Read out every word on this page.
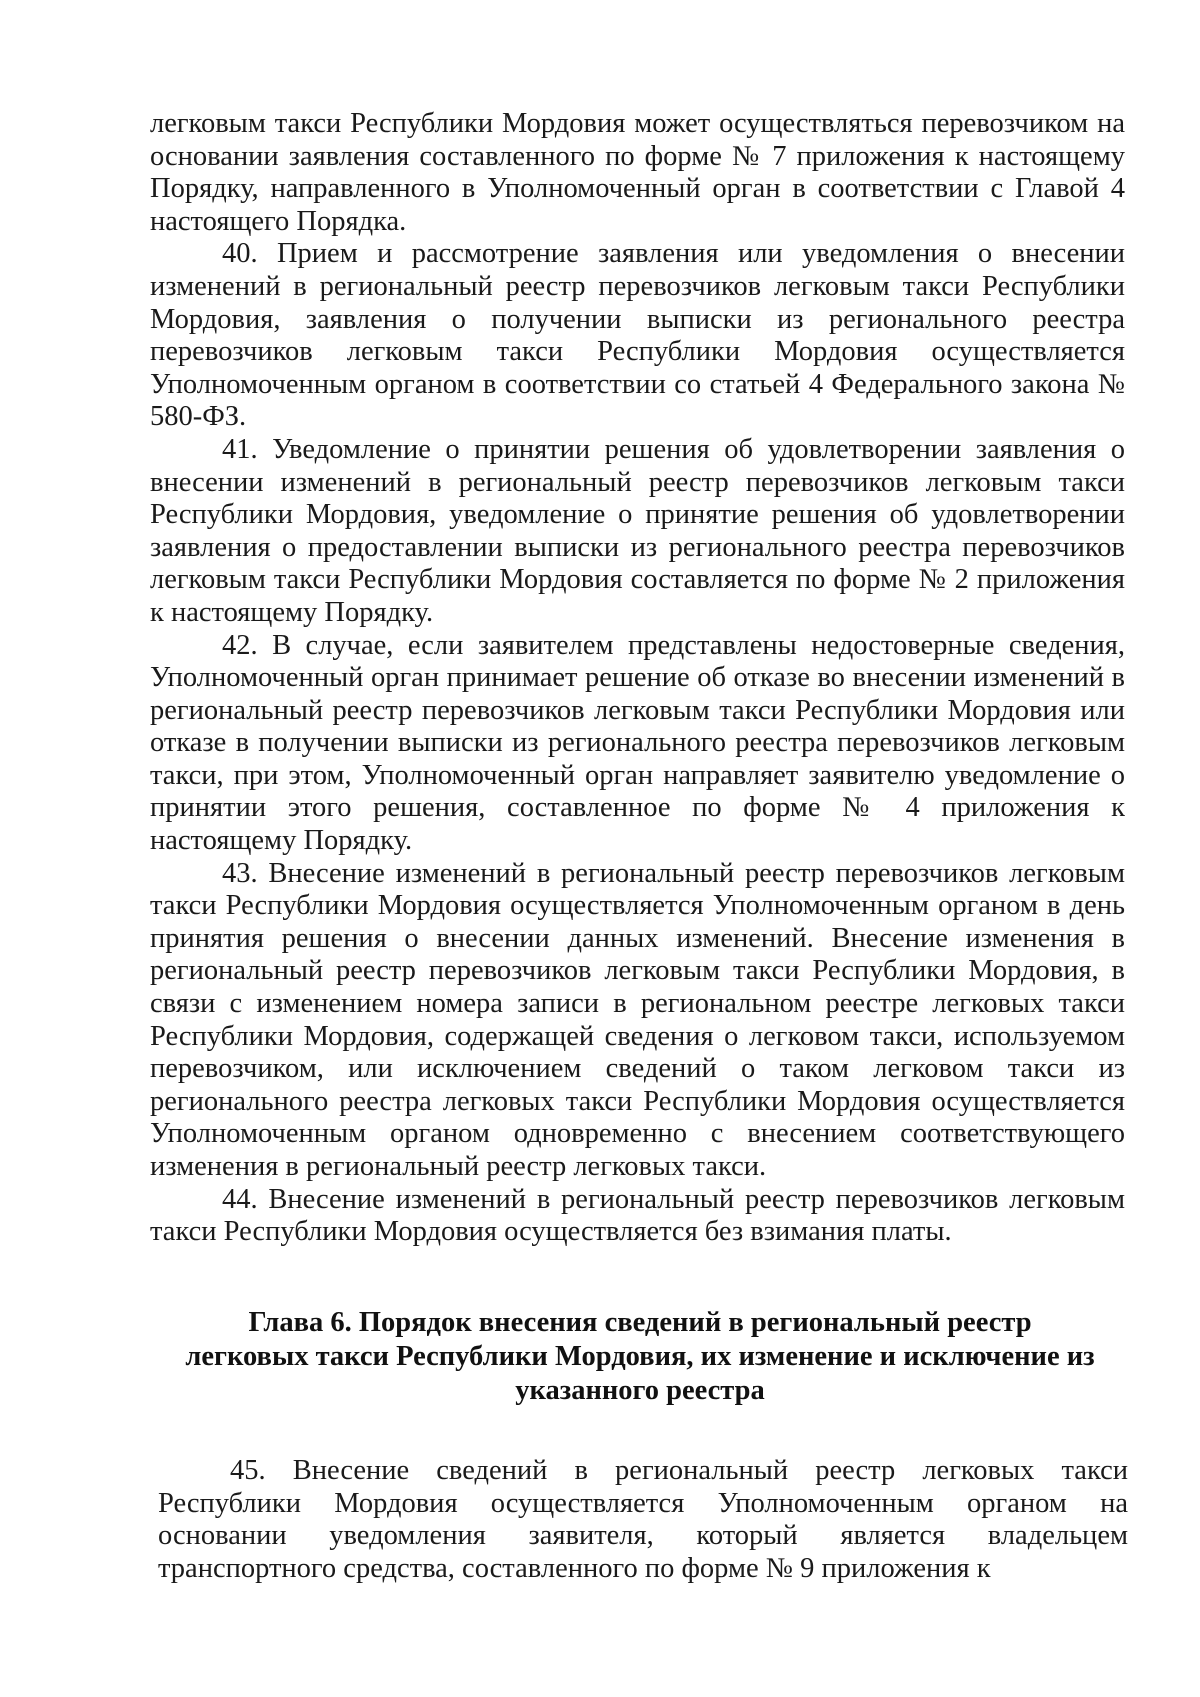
легковым такси Республики Мордовия может осуществляться перевозчиком на основании заявления составленного по форме № 7 приложения к настоящему Порядку, направленного в Уполномоченный орган в соответствии с Главой 4 настоящего Порядка.

40. Прием и рассмотрение заявления или уведомления о внесении изменений в региональный реестр перевозчиков легковым такси Республики Мордовия, заявления о получении выписки из регионального реестра перевозчиков легковым такси Республики Мордовия осуществляется Уполномоченным органом в соответствии со статьей 4 Федерального закона № 580-ФЗ.

41. Уведомление о принятии решения об удовлетворении заявления о внесении изменений в региональный реестр перевозчиков легковым такси Республики Мордовия, уведомление о принятие решения об удовлетворении заявления о предоставлении выписки из регионального реестра перевозчиков легковым такси Республики Мордовия составляется по форме № 2 приложения к настоящему Порядку.

42. В случае, если заявителем представлены недостоверные сведения, Уполномоченный орган принимает решение об отказе во внесении изменений в региональный реестр перевозчиков легковым такси Республики Мордовия или отказе в получении выписки из регионального реестра перевозчиков легковым такси, при этом, Уполномоченный орган направляет заявителю уведомление о принятии этого решения, составленное по форме № 4 приложения к настоящему Порядку.

43. Внесение изменений в региональный реестр перевозчиков легковым такси Республики Мордовия осуществляется Уполномоченным органом в день принятия решения о внесении данных изменений. Внесение изменения в региональный реестр перевозчиков легковым такси Республики Мордовия, в связи с изменением номера записи в региональном реестре легковых такси Республики Мордовия, содержащей сведения о легковом такси, используемом перевозчиком, или исключением сведений о таком легковом такси из регионального реестра легковых такси Республики Мордовия осуществляется Уполномоченным органом одновременно с внесением соответствующего изменения в региональный реестр легковых такси.

44. Внесение изменений в региональный реестр перевозчиков легковым такси Республики Мордовия осуществляется без взимания платы.

Глава 6. Порядок внесения сведений в региональный реестр
легковых такси Республики Мордовия, их изменение и исключение из
указанного реестра

45. Внесение сведений в региональный реестр легковых такси Республики Мордовия осуществляется Уполномоченным органом на основании уведомления заявителя, который является владельцем транспортного средства, составленного по форме № 9 приложения к
